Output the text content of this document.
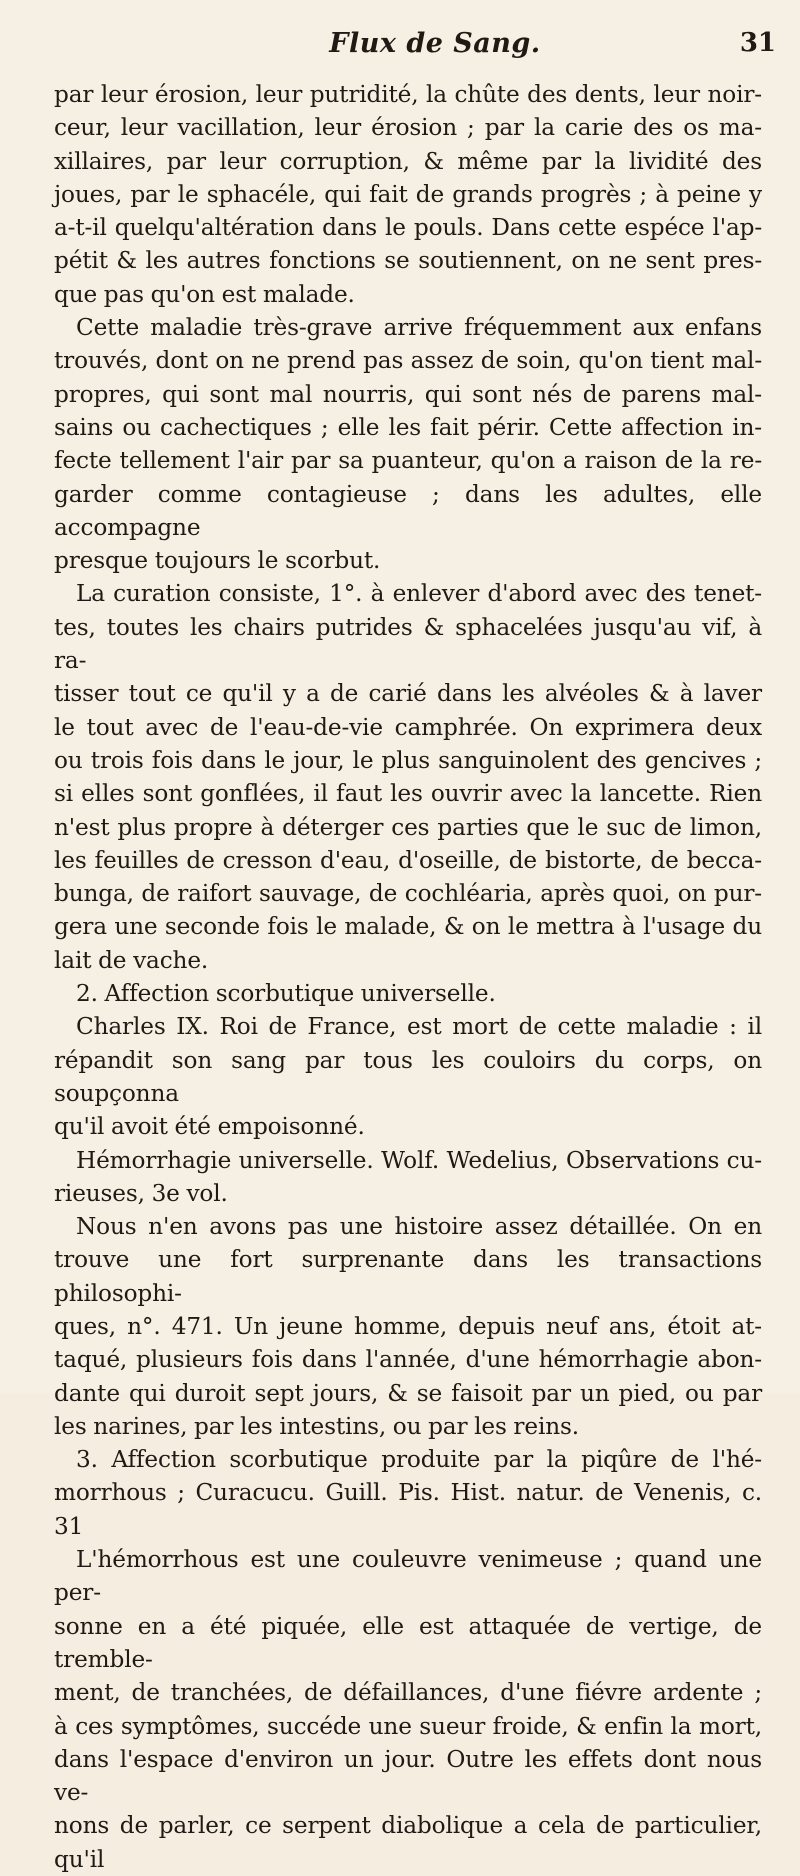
Flux de Sang.	31
par leur érosion, leur putridité, la chûte des dents, leur noir-
ceur, leur vacillation, leur érosion ; par la carie des os ma-
xillaires, par leur corruption, & même par la lividité des
joues, par le sphacéle, qui fait de grands progrès ; à peine y
a-t-il quelqu'altération dans le pouls. Dans cette espéce l'ap-
pétit & les autres fonctions se soutiennent, on ne sent pres-
que pas qu'on est malade.
Cette maladie très-grave arrive fréquemment aux enfans
trouvés, dont on ne prend pas assez de soin, qu'on tient mal-
propres, qui sont mal nourris, qui sont nés de parens mal-
sains ou cachectiques ; elle les fait périr. Cette affection in-
fecte tellement l'air par sa puanteur, qu'on a raison de la re-
garder comme contagieuse ; dans les adultes, elle accompagne
presque toujours le scorbut.
La curation consiste, 1°. à enlever d'abord avec des tenet-
tes, toutes les chairs putrides & sphacelées jusqu'au vif, à ra-
tisser tout ce qu'il y a de carié dans les alvéoles & à laver
le tout avec de l'eau-de-vie camphrée. On exprimera deux
ou trois fois dans le jour, le plus sanguinolent des gencives ;
si elles sont gonflées, il faut les ouvrir avec la lancette. Rien
n'est plus propre à déterger ces parties que le suc de limon,
les feuilles de cresson d'eau, d'oseille, de bistorte, de becca-
bunga, de raifort sauvage, de cochléaria, après quoi, on pur-
gera une seconde fois le malade, & on le mettra à l'usage du
lait de vache.
2. Affection scorbutique universelle.
Charles IX. Roi de France, est mort de cette maladie : il
répandit son sang par tous les couloirs du corps, on soupçonna
qu'il avoit été empoisonné.
Hémorrhagie universelle. Wolf. Wedelius, Observations cu-
rieuses, 3e vol.
Nous n'en avons pas une histoire assez détaillée. On en
trouve une fort surprenante dans les transactions philosophi-
ques, n°. 471. Un jeune homme, depuis neuf ans, étoit at-
taqué, plusieurs fois dans l'année, d'une hémorrhagie abon-
dante qui duroit sept jours, & se faisoit par un pied, ou par
les narines, par les intestins, ou par les reins.
3. Affection scorbutique produite par la piqûre de l'hé-
morrhous ; Curacucu. Guill. Pis. Hist. natur. de Venenis, c. 31
L'hémorrhous est une couleuvre venimeuse ; quand une per-
sonne en a été piquée, elle est attaquée de vertige, de tremble-
ment, de tranchées, de défaillances, d'une fiévre ardente ;
à ces symptômes, succéde une sueur froide, & enfin la mort,
dans l'espace d'environ un jour. Outre les effets dont nous ve-
nons de parler, ce serpent diabolique a cela de particulier, qu'il
